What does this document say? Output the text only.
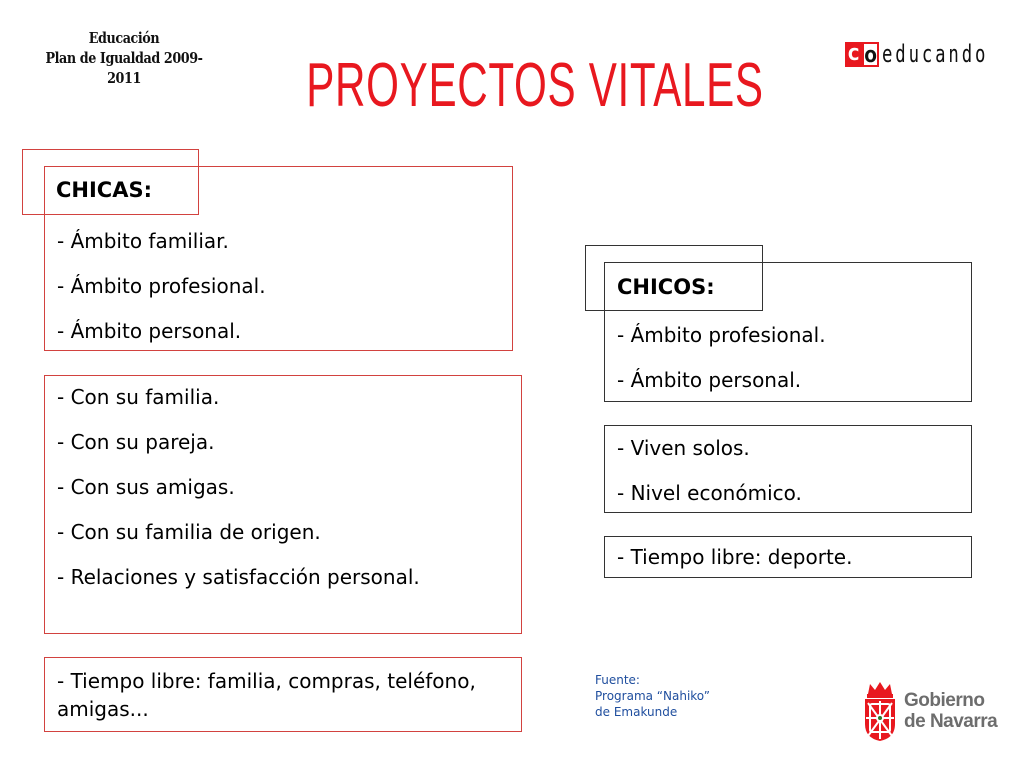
Educación
Plan de Igualdad 2009-2011	PROYECTOS VITALES	c o educando
- Ámbito familiar.
- Ámbito profesional.
- Ámbito personal.
CHICAS:
- Con su familia.
- Con su pareja.
- Con sus amigas.
- Con su familia de origen.
- Relaciones y satisfacción personal.
- Tiempo libre: familia, compras, teléfono, amigas...
- Ámbito profesional.
- Ámbito personal.
CHICOS:
- Viven solos.
- Nivel económico.
- Tiempo libre: deporte.
Fuente:
Programa “Nahiko”
de Emakunde
Gobierno
de Navarra
